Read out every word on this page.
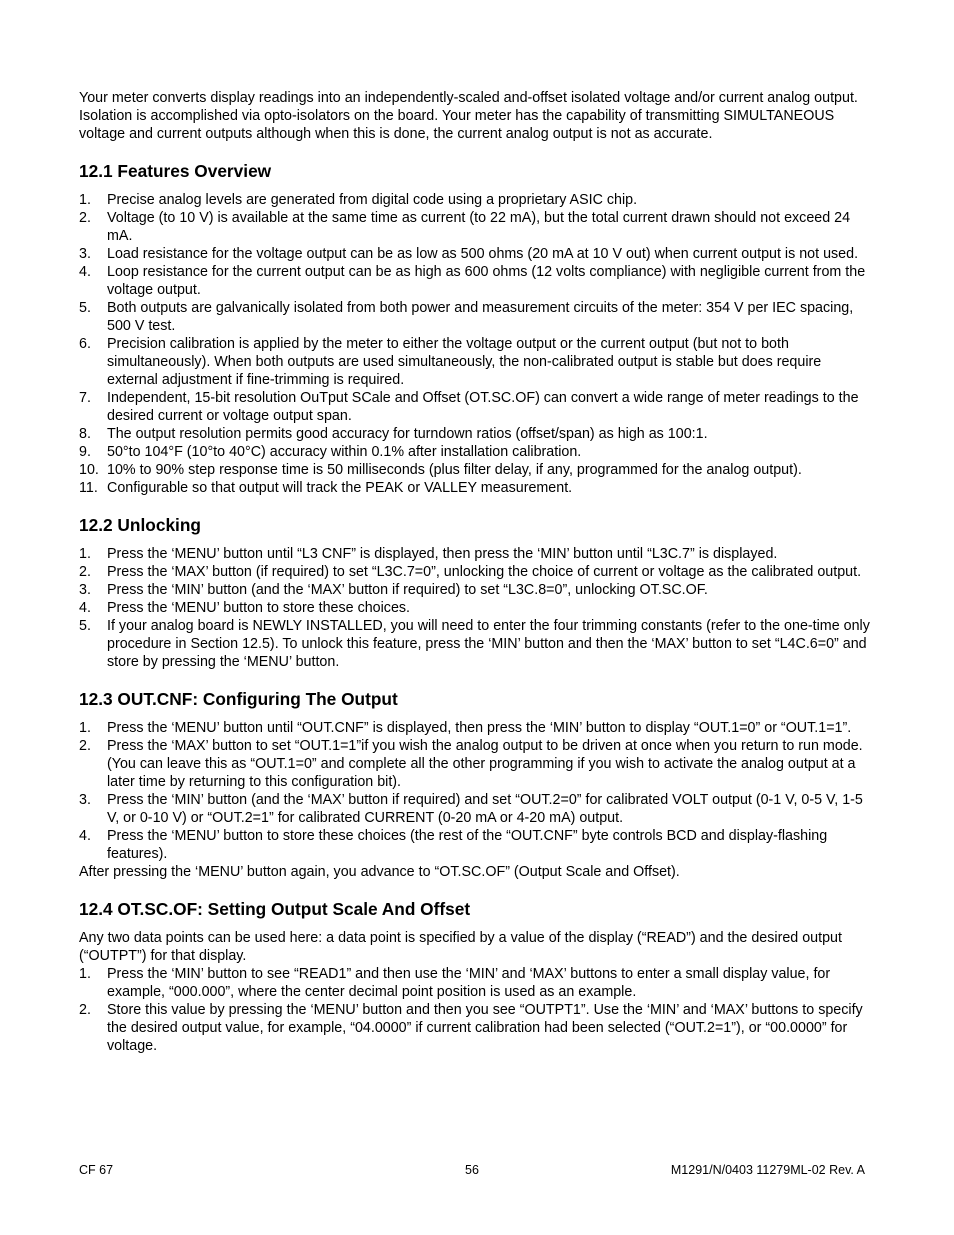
Your meter converts display readings into an independently-scaled and-offset isolated voltage and/or current analog output. Isolation is accomplished via opto-isolators on the board. Your meter has the capability of transmitting SIMULTANEOUS voltage and current outputs although when this is done, the current analog output is not as accurate.

12.1 Features Overview
1. Precise analog levels are generated from digital code using a proprietary ASIC chip.
2. Voltage (to 10 V) is available at the same time as current (to 22 mA), but the total current drawn should not exceed 24 mA.
3. Load resistance for the voltage output can be as low as 500 ohms (20 mA at 10 V out) when current output is not used.
4. Loop resistance for the current output can be as high as 600 ohms (12 volts compliance) with negligible current from the voltage output.
5. Both outputs are galvanically isolated from both power and measurement circuits of the meter: 354 V per IEC spacing, 500 V test.
6. Precision calibration is applied by the meter to either the voltage output or the current output (but not to both simultaneously). When both outputs are used simultaneously, the non-calibrated output is stable but does require external adjustment if fine-trimming is required.
7. Independent, 15-bit resolution OuTput SCale and Offset (OT.SC.OF) can convert a wide range of meter readings to the desired current or voltage output span.
8. The output resolution permits good accuracy for turndown ratios (offset/span) as high as 100:1.
9. 50°to 104°F (10°to 40°C) accuracy within 0.1% after installation calibration.
10. 10% to 90% step response time is 50 milliseconds (plus filter delay, if any, programmed for the analog output).
11. Configurable so that output will track the PEAK or VALLEY measurement.
12.2 Unlocking
1. Press the ‘MENU’ button until “L3 CNF” is displayed, then press the ‘MIN’ button until “L3C.7” is displayed.
2. Press the ‘MAX’ button (if required) to set “L3C.7=0”, unlocking the choice of current or voltage as the calibrated output.
3. Press the ‘MIN’ button (and the ‘MAX’ button if required) to set “L3C.8=0”, unlocking OT.SC.OF.
4. Press the ‘MENU’ button to store these choices.
5. If your analog board is NEWLY INSTALLED, you will need to enter the four trimming constants (refer to the one-time only procedure in Section 12.5). To unlock this feature, press the ‘MIN’ button and then the ‘MAX’ button to set “L4C.6=0” and store by pressing the ‘MENU’ button.
12.3 OUT.CNF: Configuring The Output
1. Press the ‘MENU’ button until “OUT.CNF” is displayed, then press the ‘MIN’ button to display “OUT.1=0” or “OUT.1=1”.
2. Press the ‘MAX’ button to set “OUT.1=1”if you wish the analog output to be driven at once when you return to run mode. (You can leave this as “OUT.1=0” and complete all the other programming if you wish to activate the analog output at a later time by returning to this configuration bit).
3. Press the ‘MIN’ button (and the ‘MAX’ button if required) and set “OUT.2=0” for calibrated VOLT output (0-1 V, 0-5 V, 1-5 V, or 0-10 V) or “OUT.2=1” for calibrated CURRENT (0-20 mA or 4-20 mA) output.
4. Press the ‘MENU’ button to store these choices (the rest of the “OUT.CNF” byte controls BCD and display-flashing features).

After pressing the ‘MENU’ button again, you advance to “OT.SC.OF” (Output Scale and Offset).

12.4 OT.SC.OF: Setting Output Scale And Offset

Any two data points can be used here: a data point is specified by a value of the display (“READ”) and the desired output (“OUTPT”) for that display.

1. Press the ‘MIN’ button to see “READ1” and then use the ‘MIN’ and ‘MAX’ buttons to enter a small display value, for example, “000.000”, where the center decimal point position is used as an example.
2. Store this value by pressing the ‘MENU’ button and then you see “OUTPT1”. Use the ‘MIN’ and ‘MAX’ buttons to specify the desired output value, for example, “04.0000” if current calibration had been selected (“OUT.2=1”), or “00.0000” for voltage.
CF 67	56	M1291/N/0403 11279ML-02 Rev. A
